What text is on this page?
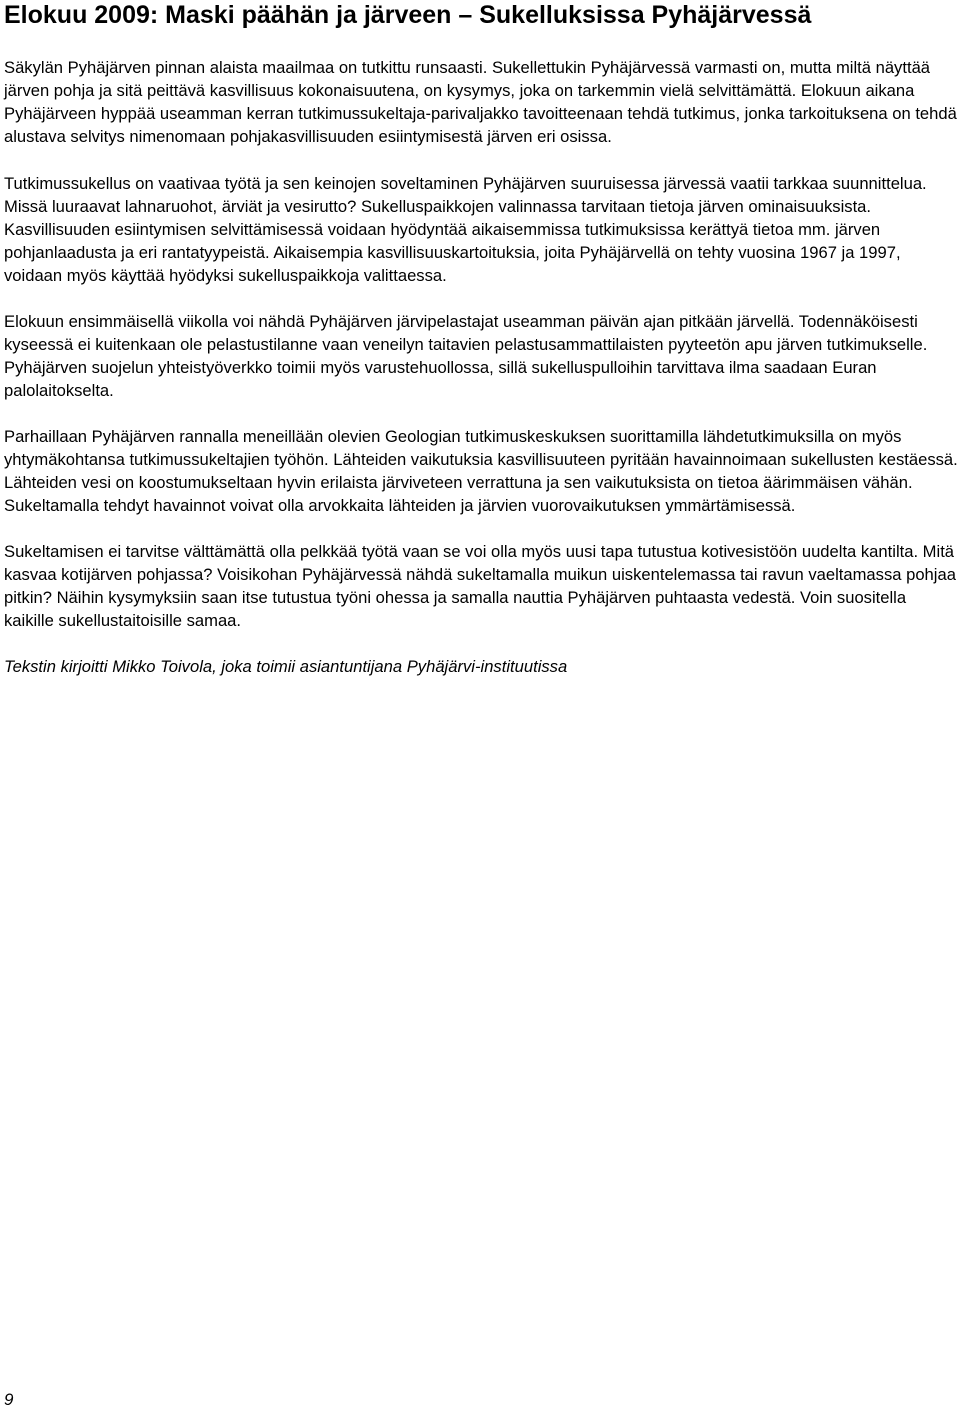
Elokuu 2009: Maski päähän ja järveen – Sukelluksissa Pyhäjärvessä

Säkylän Pyhäjärven pinnan alaista maailmaa on tutkittu runsaasti. Sukellettukin Pyhäjärvessä varmasti on, mutta miltä näyttää järven pohja ja sitä peittävä kasvillisuus kokonaisuutena, on kysymys, joka on tarkemmin vielä selvittämättä. Elokuun aikana Pyhäjärveen hyppää useamman kerran tutkimussukeltaja-parivaljakko tavoitteenaan tehdä tutkimus, jonka tarkoituksena on tehdä alustava selvitys nimenomaan pohjakasvillisuuden esiintymisestä järven eri osissa.

Tutkimussukellus on vaativaa työtä ja sen keinojen soveltaminen Pyhäjärven suuruisessa järvessä vaatii tarkkaa suunnittelua. Missä luuraavat lahnaruohot, ärviät ja vesirutto? Sukelluspaikkojen valinnassa tarvitaan tietoja järven ominaisuuksista. Kasvillisuuden esiintymisen selvittämisessä voidaan hyödyntää aikaisemmissa tutkimuksissa kerättyä tietoa mm. järven pohjanlaadusta ja eri rantatyypeistä. Aikaisempia kasvillisuuskartoituksia, joita Pyhäjärvellä on tehty vuosina 1967 ja 1997, voidaan myös käyttää hyödyksi sukelluspaikkoja valittaessa.

Elokuun ensimmäisellä viikolla voi nähdä Pyhäjärven järvipelastajat useamman päivän ajan pitkään järvellä. Todennäköisesti kyseessä ei kuitenkaan ole pelastustilanne vaan veneilyn taitavien pelastusammattilaisten pyyteetön apu järven tutkimukselle. Pyhäjärven suojelun yhteistyöverkko toimii myös varustehuollossa, sillä sukelluspulloihin tarvittava ilma saadaan Euran palolaitokselta.

Parhaillaan Pyhäjärven rannalla meneillään olevien Geologian tutkimuskeskuksen suorittamilla lähdetutkimuksilla on myös yhtymäkohtansa tutkimussukeltajien työhön. Lähteiden vaikutuksia kasvillisuuteen pyritään havainnoimaan sukellusten kestäessä. Lähteiden vesi on koostumukseltaan hyvin erilaista järviveteen verrattuna ja sen vaikutuksista on tietoa äärimmäisen vähän. Sukeltamalla tehdyt havainnot voivat olla arvokkaita lähteiden ja järvien vuorovaikutuksen ymmärtämisessä.

Sukeltamisen ei tarvitse välttämättä olla pelkkää työtä vaan se voi olla myös uusi tapa tutustua kotivesistöön uudelta kantilta. Mitä kasvaa kotijärven pohjassa? Voisikohan Pyhäjärvessä nähdä sukeltamalla muikun uiskentelemassa tai ravun vaeltamassa pohjaa pitkin? Näihin kysymyksiin saan itse tutustua työni ohessa ja samalla nauttia Pyhäjärven puhtaasta vedestä. Voin suositella kaikille sukellustaitoisille samaa.

Tekstin kirjoitti Mikko Toivola, joka toimii asiantuntijana Pyhäjärvi-instituutissa

9
